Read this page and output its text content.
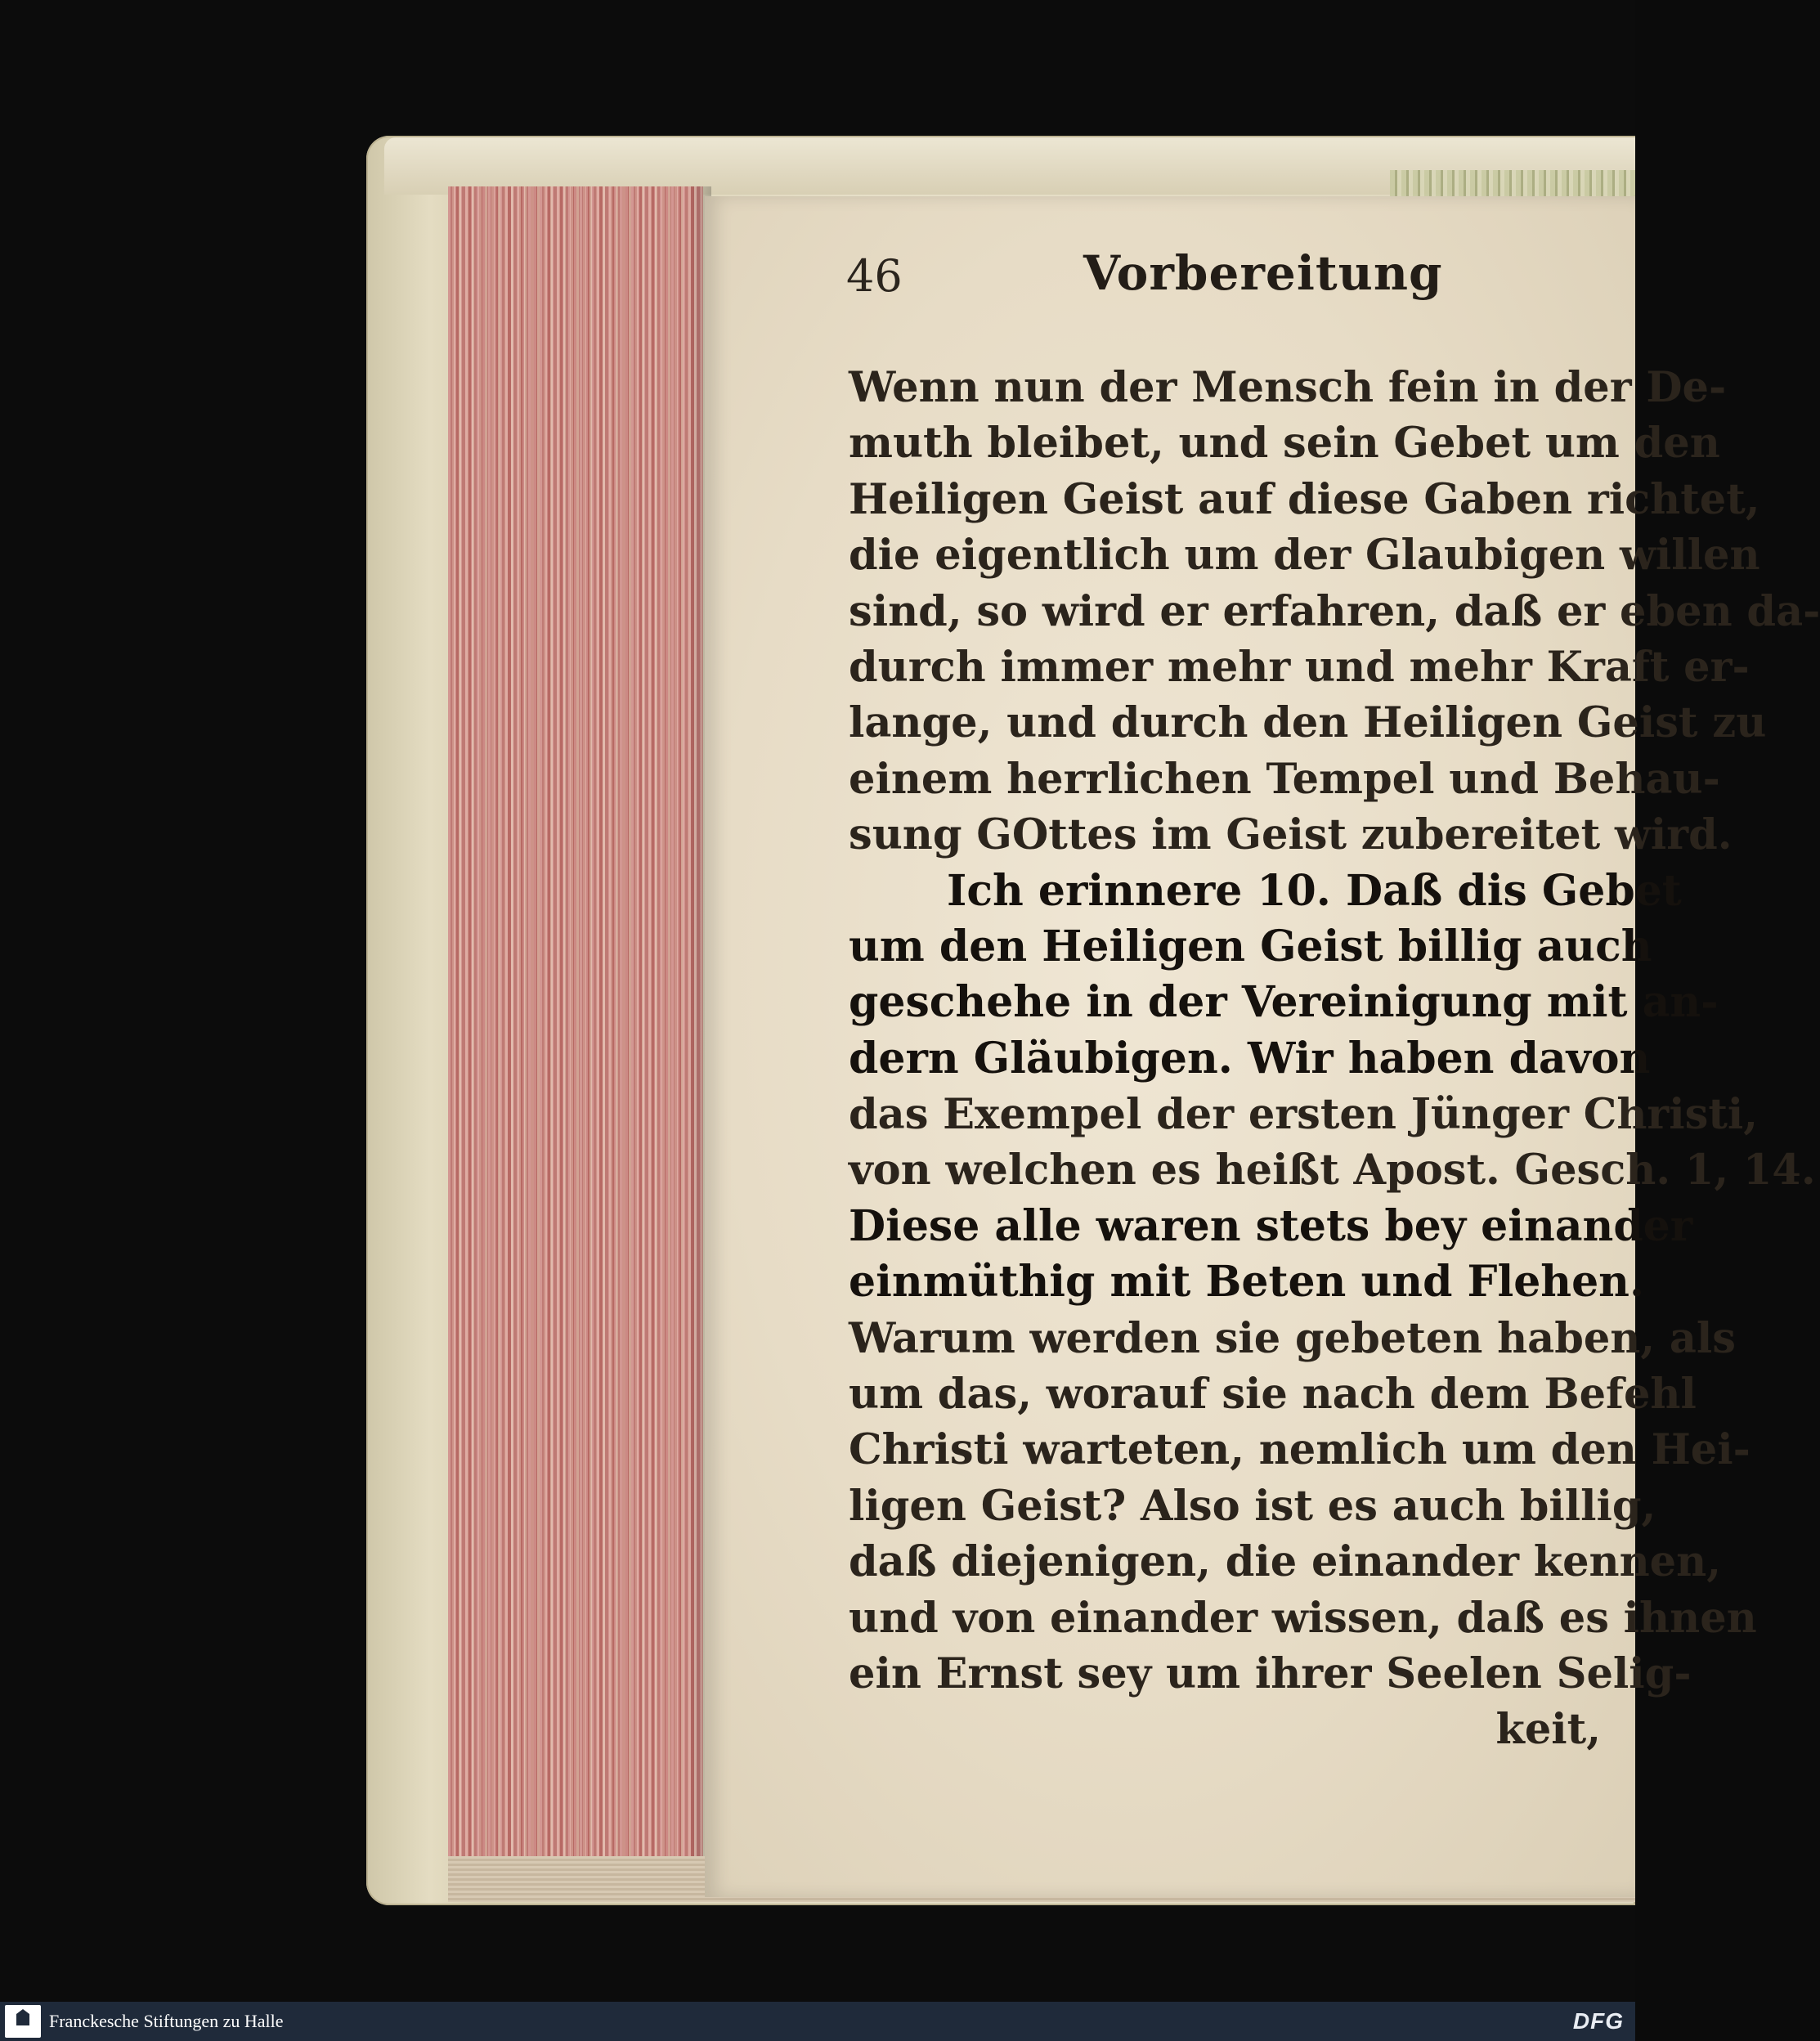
46	Vorbereitung
Wenn nun der Mensch fein in der De-
muth bleibet, und sein Gebet um den
Heiligen Geist auf diese Gaben richtet,
die eigentlich um der Glaubigen willen
sind, so wird er erfahren, daß er eben da-
durch immer mehr und mehr Kraft er-
lange, und durch den Heiligen Geist zu
einem herrlichen Tempel und Behau-
sung GOttes im Geist zubereitet wird.
Ich erinnere 10. Daß dis Gebet
um den Heiligen Geist billig auch
geschehe in der Vereinigung mit an-
dern Gläubigen. Wir haben davon
das Exempel der ersten Jünger Christi,
von welchen es heißt Apost. Gesch. 1, 14.
Diese alle waren stets bey einander
einmüthig mit Beten und Flehen.
Warum werden sie gebeten haben, als
um das, worauf sie nach dem Befehl
Christi warteten, nemlich um den Hei-
ligen Geist? Also ist es auch billig,
daß diejenigen, die einander kennen,
und von einander wissen, daß es ihnen
ein Ernst sey um ihrer Seelen Selig-
keit,
Franckesche Stiftungen zu Halle	DFG
